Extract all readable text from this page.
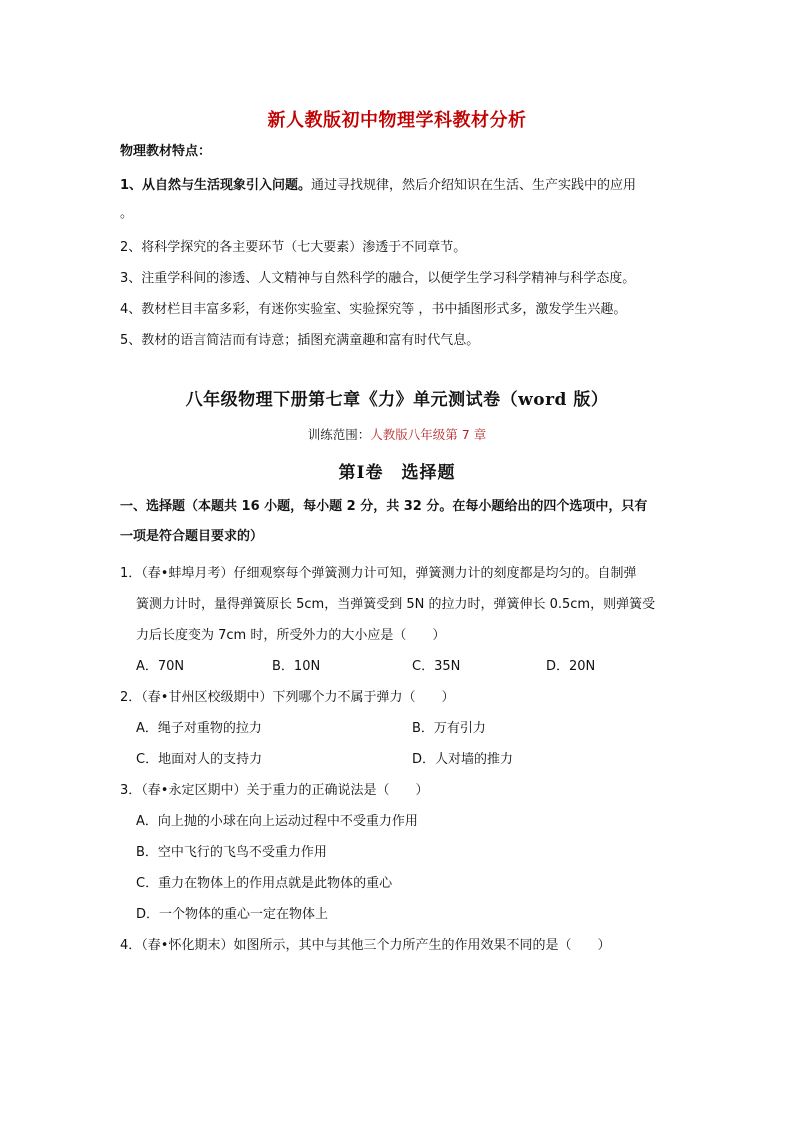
新人教版初中物理学科教材分析
物理教材特点：
1、从自然与生活现象引入问题。通过寻找规律，然后介绍知识在生活、生产实践中的应用
。
2、将科学探究的各主要环节（七大要素）渗透于不同章节。
3、注重学科间的渗透、人文精神与自然科学的融合，以便学生学习科学精神与科学态度。
4、教材栏目丰富多彩，有迷你实验室、实验探究等 ，书中插图形式多，激发学生兴趣。
5、教材的语言简洁而有诗意；插图充满童趣和富有时代气息。
八年级物理下册第七章《力》单元测试卷（word 版）
训练范围：人教版八年级第 7 章
第Ⅰ卷 选择题
一、选择题（本题共 16 小题，每小题 2 分，共 32 分。在每小题给出的四个选项中，只有
一项是符合题目要求的）
1．（春•蚌埠月考）仔细观察每个弹簧测力计可知，弹簧测力计的刻度都是均匀的。自制弹
簧测力计时，量得弹簧原长 5cm，当弹簧受到 5N 的拉力时，弹簧伸长 0.5cm，则弹簧受
力后长度变为 7cm 时，所受外力的大小应是（　　）
A．70N	B．10N	C．35N	D．20N
2．（春•甘州区校级期中）下列哪个力不属于弹力（　　）
A．绳子对重物的拉力	B．万有引力
C．地面对人的支持力	D．人对墙的推力
3．（春•永定区期中）关于重力的正确说法是（　　）
A．向上抛的小球在向上运动过程中不受重力作用
B．空中飞行的飞鸟不受重力作用
C．重力在物体上的作用点就是此物体的重心
D．一个物体的重心一定在物体上
4．（春•怀化期末）如图所示，其中与其他三个力所产生的作用效果不同的是（　　）
